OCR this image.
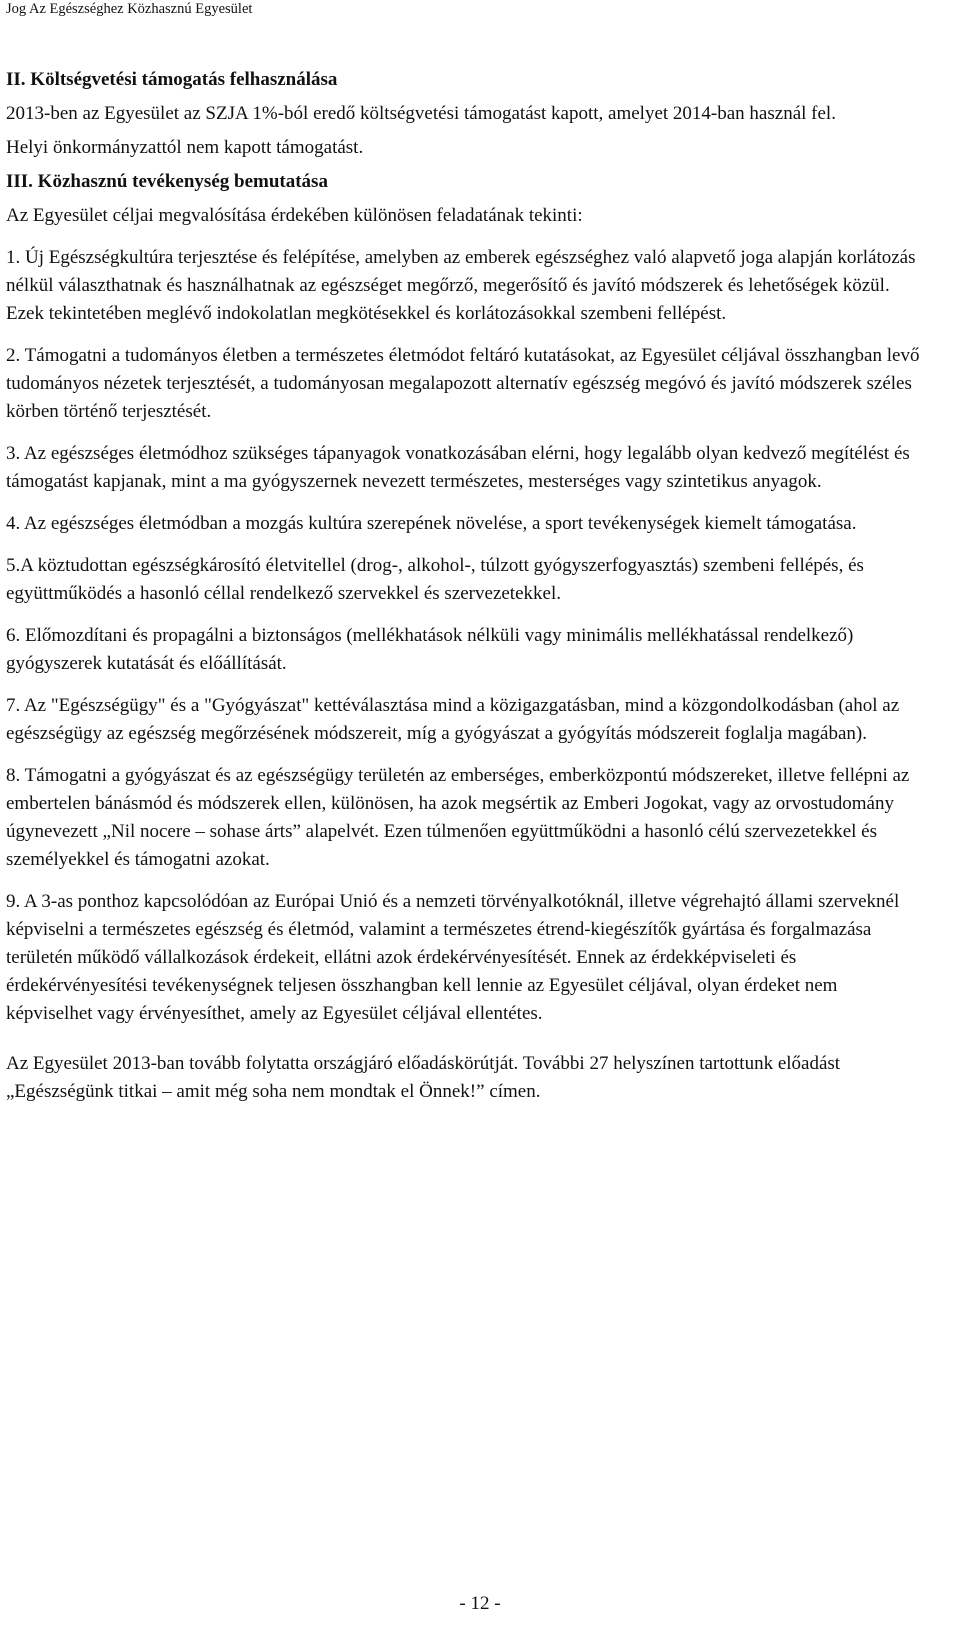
Jog Az Egészséghez Közhasznú Egyesület
II. Költségvetési támogatás felhasználása
2013-ben az Egyesület az SZJA 1%-ból eredő költségvetési támogatást kapott, amelyet 2014-ban használ fel.
Helyi önkormányzattól nem kapott támogatást.
III. Közhasznú tevékenység bemutatása
Az Egyesület céljai megvalósítása érdekében különösen feladatának tekinti:
1. Új Egészségkultúra terjesztése és felépítése, amelyben az emberek egészséghez való alapvető joga alapján korlátozás nélkül választhatnak és használhatnak az egészséget megőrző, megerősítő és javító módszerek és lehetőségek közül. Ezek tekintetében meglévő indokolatlan megkötésekkel és korlátozásokkal szembeni fellépést.
2. Támogatni a tudományos életben a természetes életmódot feltáró kutatásokat, az Egyesület céljával összhangban levő tudományos nézetek terjesztését, a tudományosan megalapozott alternatív egészség megóvó és javító módszerek széles körben történő terjesztését.
3. Az egészséges életmódhoz szükséges tápanyagok vonatkozásában elérni, hogy legalább olyan kedvező megítélést és támogatást kapjanak, mint a ma gyógyszernek nevezett természetes, mesterséges vagy szintetikus anyagok.
4. Az egészséges életmódban a mozgás kultúra szerepének növelése, a sport tevékenységek kiemelt támogatása.
5.A köztudottan egészségkárosító életvitellel (drog-, alkohol-, túlzott gyógyszerfogyasztás) szembeni fellépés, és együttműködés a hasonló céllal rendelkező szervekkel és szervezetekkel.
6. Előmozdítani és propagálni a biztonságos (mellékhatások nélküli vagy minimális mellékhatással rendelkező) gyógyszerek kutatását és előállítását.
7. Az "Egészségügy" és a "Gyógyászat" kettéválasztása mind a közigazgatásban, mind a közgondolkodásban (ahol az egészségügy az egészség megőrzésének módszereit, míg a gyógyászat a gyógyítás módszereit foglalja magában).
8. Támogatni a gyógyászat és az egészségügy területén az emberséges, emberközpontú módszereket, illetve fellépni az embertelen bánásmód és módszerek ellen, különösen, ha azok megsértik az Emberi Jogokat, vagy az orvostudomány úgynevezett „Nil nocere – sohase árts” alapelvét. Ezen túlmenően együttműködni a hasonló célú szervezetekkel és személyekkel és támogatni azokat.
9. A 3-as ponthoz kapcsolódóan az Európai Unió és a nemzeti törvényalkotóknál, illetve végrehajtó állami szerveknél képviselni a természetes egészség és életmód, valamint a természetes étrend-kiegészítők gyártása és forgalmazása területén működő vállalkozások érdekeit, ellátni azok érdekérvényesítését. Ennek az érdekképviseleti és érdekérvényesítési tevékenységnek teljesen összhangban kell lennie az Egyesület céljával, olyan érdeket nem képviselhet vagy érvényesíthet, amely az Egyesület céljával ellentétes.
Az Egyesület 2013-ban tovább folytatta országjáró előadáskörútját. További 27 helyszínen tartottunk előadást „Egészségünk titkai – amit még soha nem mondtak el Önnek!” címen.
- 12 -
